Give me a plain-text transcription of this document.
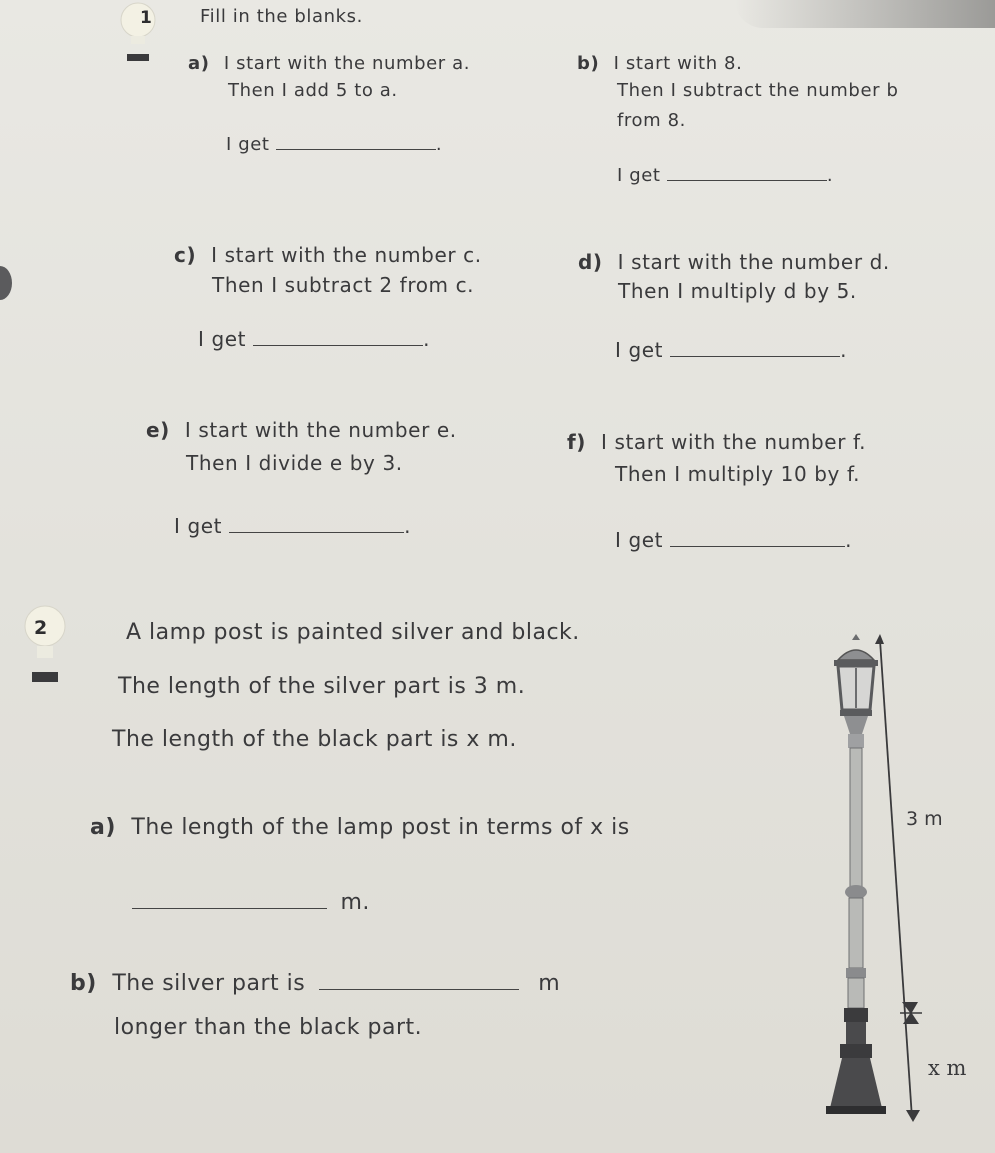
1	Fill in the blanks.
a) I start with the number a.
Then I add 5 to a.
I get	.
b) I start with 8.
Then I subtract the number b
from 8.
I get	.
c) I start with the number c.
Then I subtract 2 from c.
I get	.
d) I start with the number d.
Then I multiply d by 5.
I get	.
e) I start with the number e.
Then I divide e by 3.
I get	.
f) I start with the number f.
Then I multiply 10 by f.
I get	.
2	A lamp post is painted silver and black.
The length of the silver part is 3 m.
The length of the black part is x m.
a) The length of the lamp post in terms of x is
m.
b) The silver part is	m
longer than the black part.
3 m
x m
